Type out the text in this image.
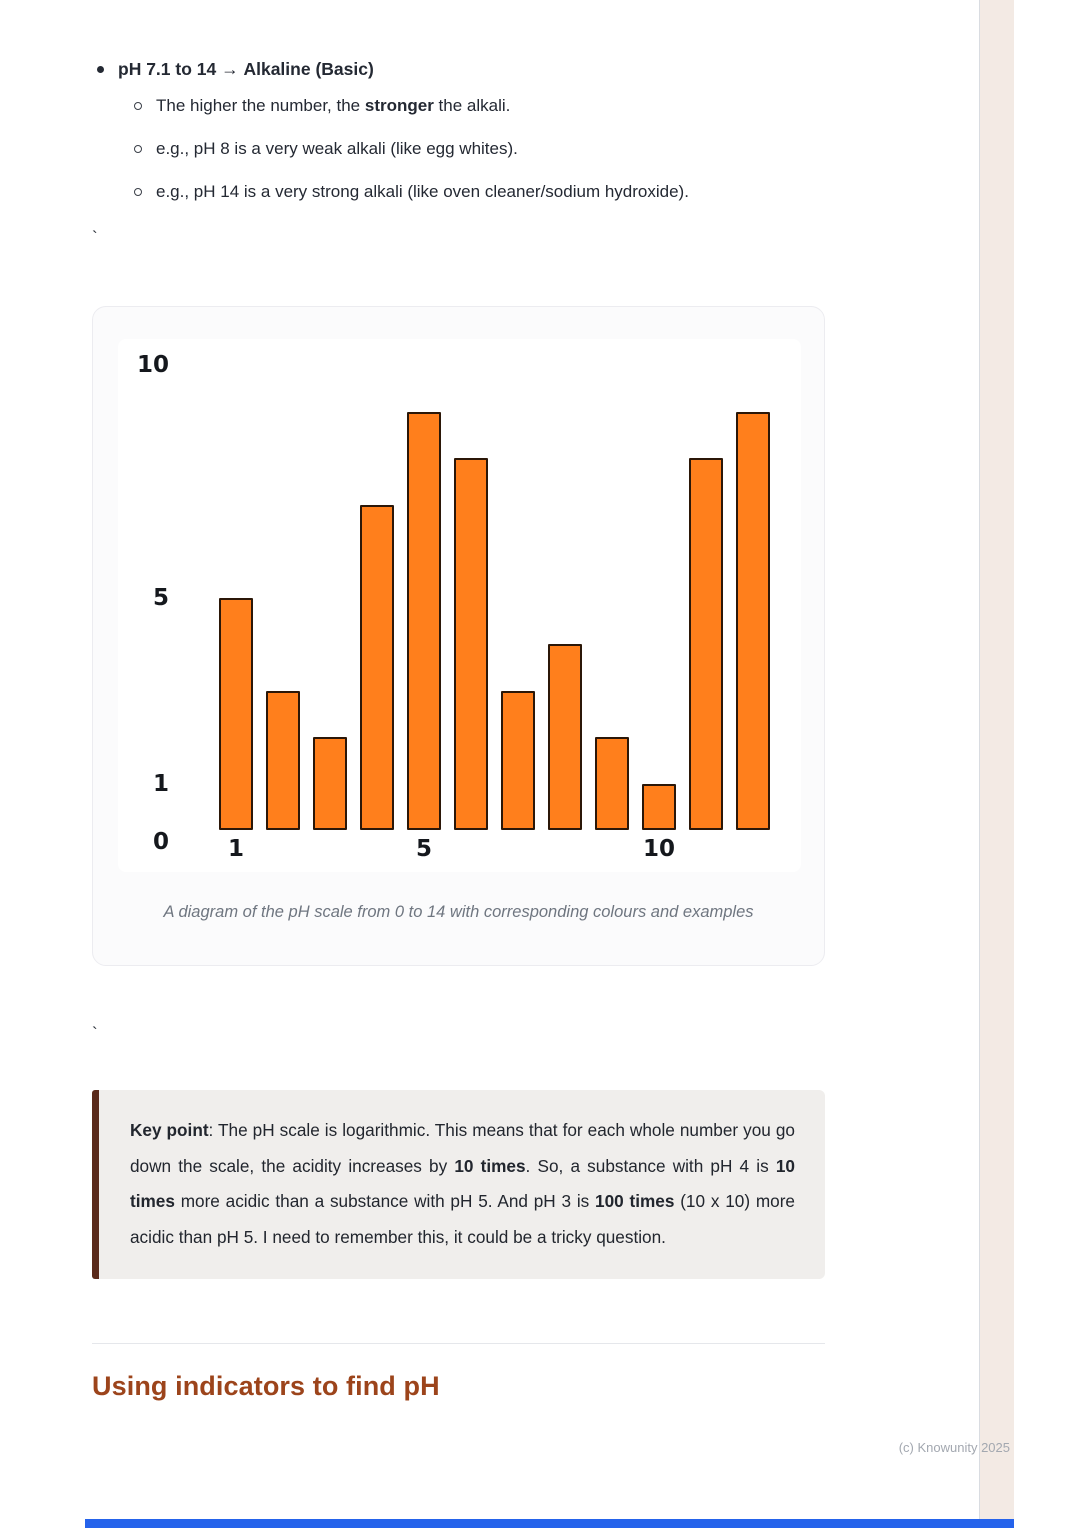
pH 7.1 to 14 → Alkaline (Basic)
The higher the number, the stronger the alkali.
e.g., pH 8 is a very weak alkali (like egg whites).
e.g., pH 14 is a very strong alkali (like oven cleaner/sodium hydroxide).
`
10
5
1
0	1	5	10
A diagram of the pH scale from 0 to 14 with corresponding colours and examples
`
Key point: The pH scale is logarithmic. This means that for each whole number you go down the scale, the acidity increases by 10 times. So, a substance with pH 4 is 10 times more acidic than a substance with pH 5. And pH 3 is 100 times (10 x 10) more acidic than pH 5. I need to remember this, it could be a tricky question.
Using indicators to find pH
(c) Knowunity 2025
